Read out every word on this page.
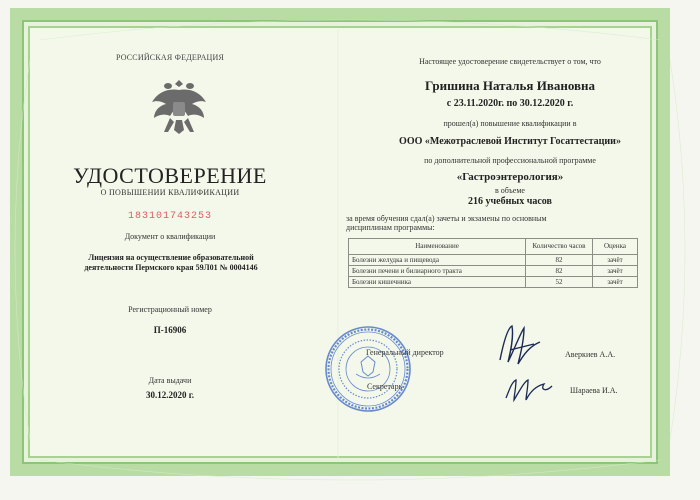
РОССИЙСКАЯ ФЕДЕРАЦИЯ
УДОСТОВЕРЕНИЕ
О ПОВЫШЕНИИ КВАЛИФИКАЦИИ
183101743253
Документ о квалификации
Лицензия на осуществление образовательной
деятельности Пермского края 59Л01 № 0004146
Регистрационный номер
П-16906
Дата выдачи
30.12.2020 г.
Настоящее удостоверение свидетельствует о том, что
Гришина Наталья Ивановна
с 23.11.2020г. по 30.12.2020 г.
прошел(а) повышение квалификации в
ООО «Межотраслевой Институт Госаттестации»
по дополнительной профессиональной программе
«Гастроэнтерология»
в объеме
216 учебных часов
за время обучения сдал(а) зачеты и экзамены по основным
дисциплинам программы:
Наименование	Количество часов	Оценка
Болезни желудка и пищевода	82	зачёт
Болезни печени и билиарного тракта	82	зачёт
Болезни кишечника	52	зачёт
Генеральный директор	Аверкиев А.А.
Секретарь	Шараева И.А.
